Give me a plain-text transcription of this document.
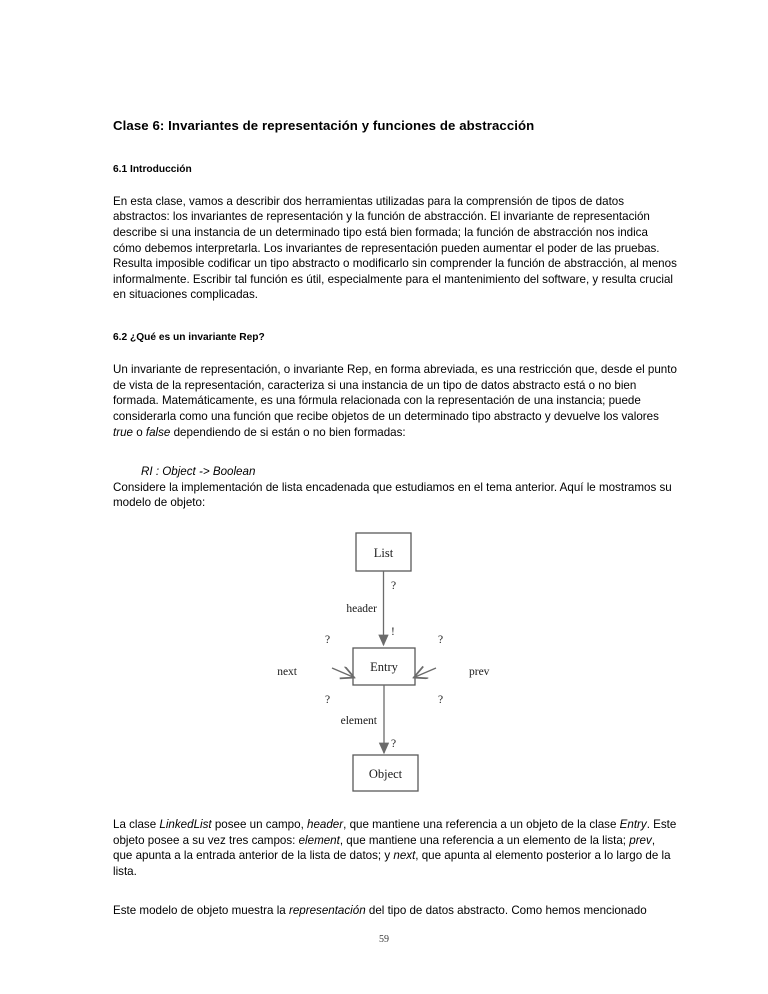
Clase 6: Invariantes de representación y funciones de abstracción
6.1 Introducción

En esta clase, vamos a describir dos herramientas utilizadas para la comprensión de tipos de datos abstractos: los invariantes de representación y la función de abstracción. El invariante de representación describe si una instancia de un determinado tipo está bien formada; la función de abstracción nos indica cómo debemos interpretarla. Los invariantes de representación pueden aumentar el poder de las pruebas. Resulta imposible codificar un tipo abstracto o modificarlo sin comprender la función de abstracción, al menos informalmente. Escribir tal función es útil, especialmente para el mantenimiento del software, y resulta crucial en situaciones complicadas.

6.2 ¿Qué es un invariante Rep?

Un invariante de representación, o invariante Rep, en forma abreviada, es una restricción que, desde el punto de vista de la representación, caracteriza si una instancia de un tipo de datos abstracto está o no bien formada. Matemáticamente, es una fórmula relacionada con la representación de una instancia; puede considerarla como una función que recibe objetos de un determinado tipo abstracto y devuelve los valores true o false dependiendo de si están o no bien formadas:

RI : Object -> Boolean

Considere la implementación de lista encadenada que estudiamos en el tema anterior. Aquí le mostramos su modelo de objeto:

List
?
header
!
Entry
?
next
?
?
prev
?
element
?
Object

La clase LinkedList posee un campo, header, que mantiene una referencia a un objeto de la clase Entry. Este objeto posee a su vez tres campos: element, que mantiene una referencia a un elemento de la lista; prev, que apunta a la entrada anterior de la lista de datos; y next, que apunta al elemento posterior a lo largo de la lista.

Este modelo de objeto muestra la representación del tipo de datos abstracto. Como hemos mencionado

59
